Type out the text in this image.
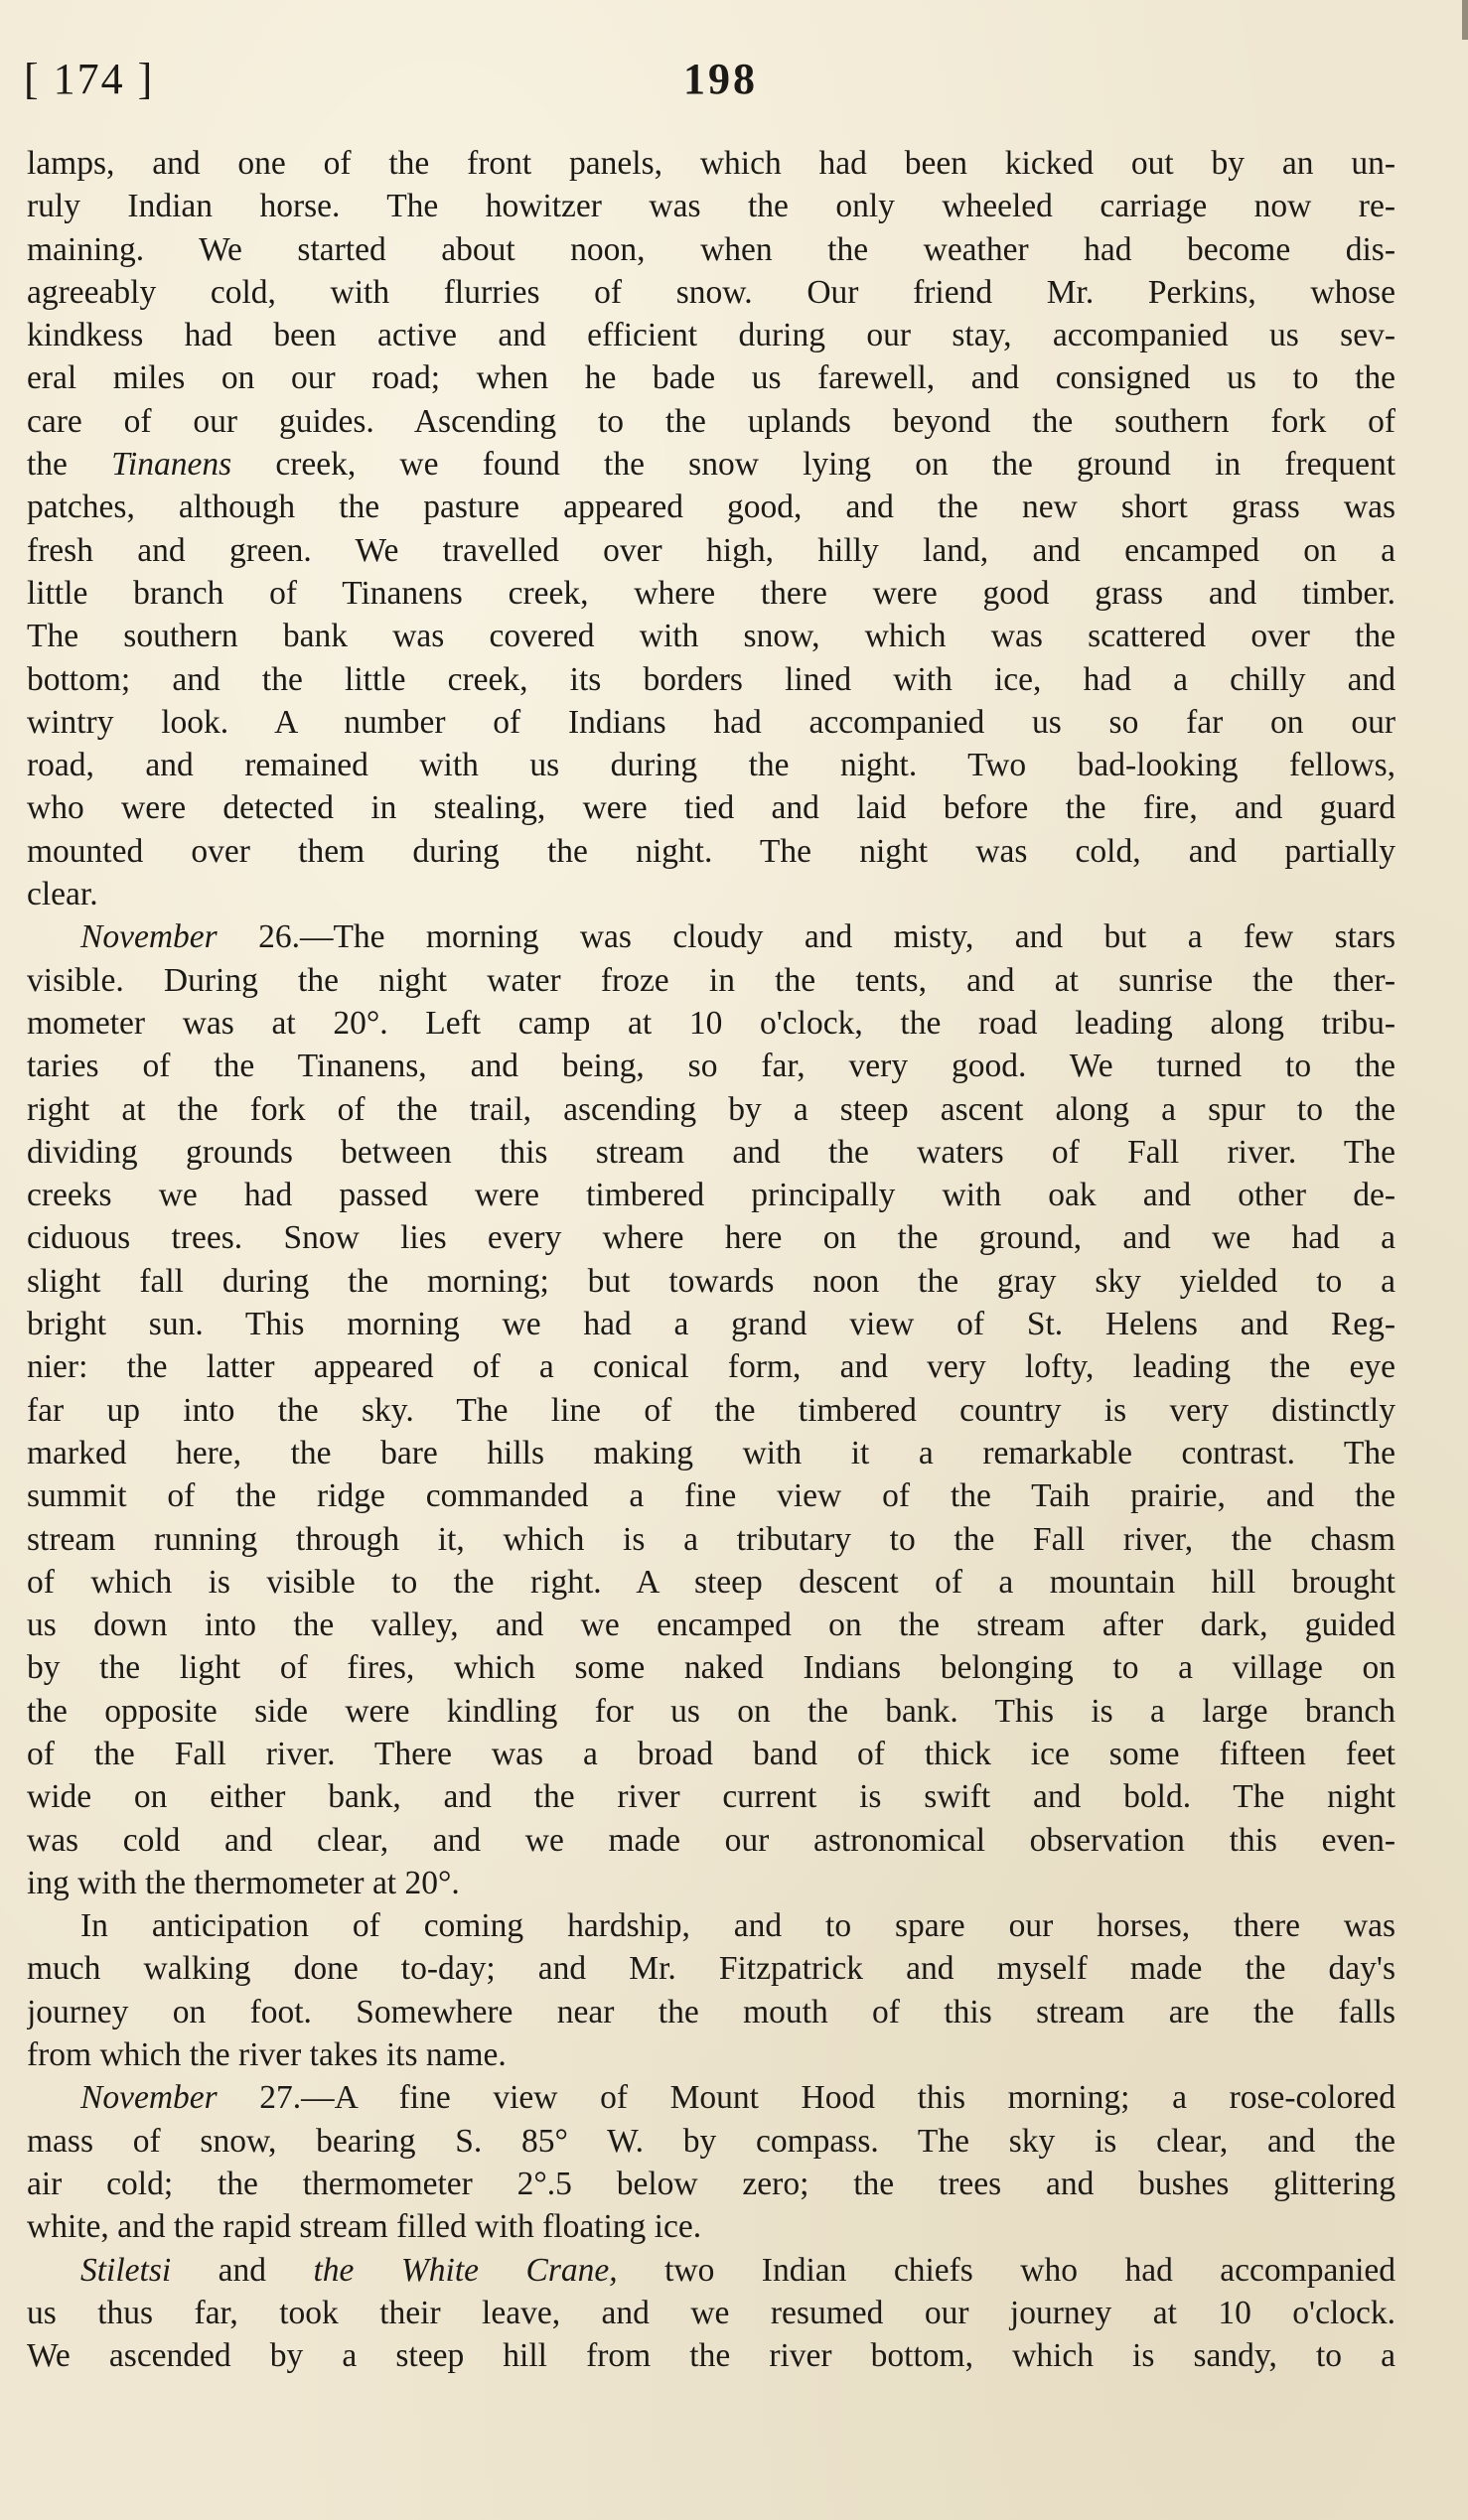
[ 174 ]	198
lamps, and one of the front panels, which had been kicked out by an un-
ruly Indian horse. The howitzer was the only wheeled carriage now re-
maining. We started about noon, when the weather had become dis-
agreeably cold, with flurries of snow. Our friend Mr. Perkins, whose
kindkess had been active and efficient during our stay, accompanied us sev-
eral miles on our road; when he bade us farewell, and consigned us to the
care of our guides. Ascending to the uplands beyond the southern fork of
the Tinanens creek, we found the snow lying on the ground in frequent
patches, although the pasture appeared good, and the new short grass was
fresh and green. We travelled over high, hilly land, and encamped on a
little branch of Tinanens creek, where there were good grass and timber.
The southern bank was covered with snow, which was scattered over the
bottom; and the little creek, its borders lined with ice, had a chilly and
wintry look. A number of Indians had accompanied us so far on our
road, and remained with us during the night. Two bad-looking fellows,
who were detected in stealing, were tied and laid before the fire, and guard
mounted over them during the night. The night was cold, and partially
clear.
November 26.—The morning was cloudy and misty, and but a few stars
visible. During the night water froze in the tents, and at sunrise the ther-
mometer was at 20°. Left camp at 10 o'clock, the road leading along tribu-
taries of the Tinanens, and being, so far, very good. We turned to the
right at the fork of the trail, ascending by a steep ascent along a spur to the
dividing grounds between this stream and the waters of Fall river. The
creeks we had passed were timbered principally with oak and other de-
ciduous trees. Snow lies every where here on the ground, and we had a
slight fall during the morning; but towards noon the gray sky yielded to a
bright sun. This morning we had a grand view of St. Helens and Reg-
nier: the latter appeared of a conical form, and very lofty, leading the eye
far up into the sky. The line of the timbered country is very distinctly
marked here, the bare hills making with it a remarkable contrast. The
summit of the ridge commanded a fine view of the Taih prairie, and the
stream running through it, which is a tributary to the Fall river, the chasm
of which is visible to the right. A steep descent of a mountain hill brought
us down into the valley, and we encamped on the stream after dark, guided
by the light of fires, which some naked Indians belonging to a village on
the opposite side were kindling for us on the bank. This is a large branch
of the Fall river. There was a broad band of thick ice some fifteen feet
wide on either bank, and the river current is swift and bold. The night
was cold and clear, and we made our astronomical observation this even-
ing with the thermometer at 20°.
In anticipation of coming hardship, and to spare our horses, there was
much walking done to-day; and Mr. Fitzpatrick and myself made the day's
journey on foot. Somewhere near the mouth of this stream are the falls
from which the river takes its name.
November 27.—A fine view of Mount Hood this morning; a rose-colored
mass of snow, bearing S. 85° W. by compass. The sky is clear, and the
air cold; the thermometer 2°.5 below zero; the trees and bushes glittering
white, and the rapid stream filled with floating ice.
Stiletsi and the White Crane, two Indian chiefs who had accompanied
us thus far, took their leave, and we resumed our journey at 10 o'clock.
We ascended by a steep hill from the river bottom, which is sandy, to a
